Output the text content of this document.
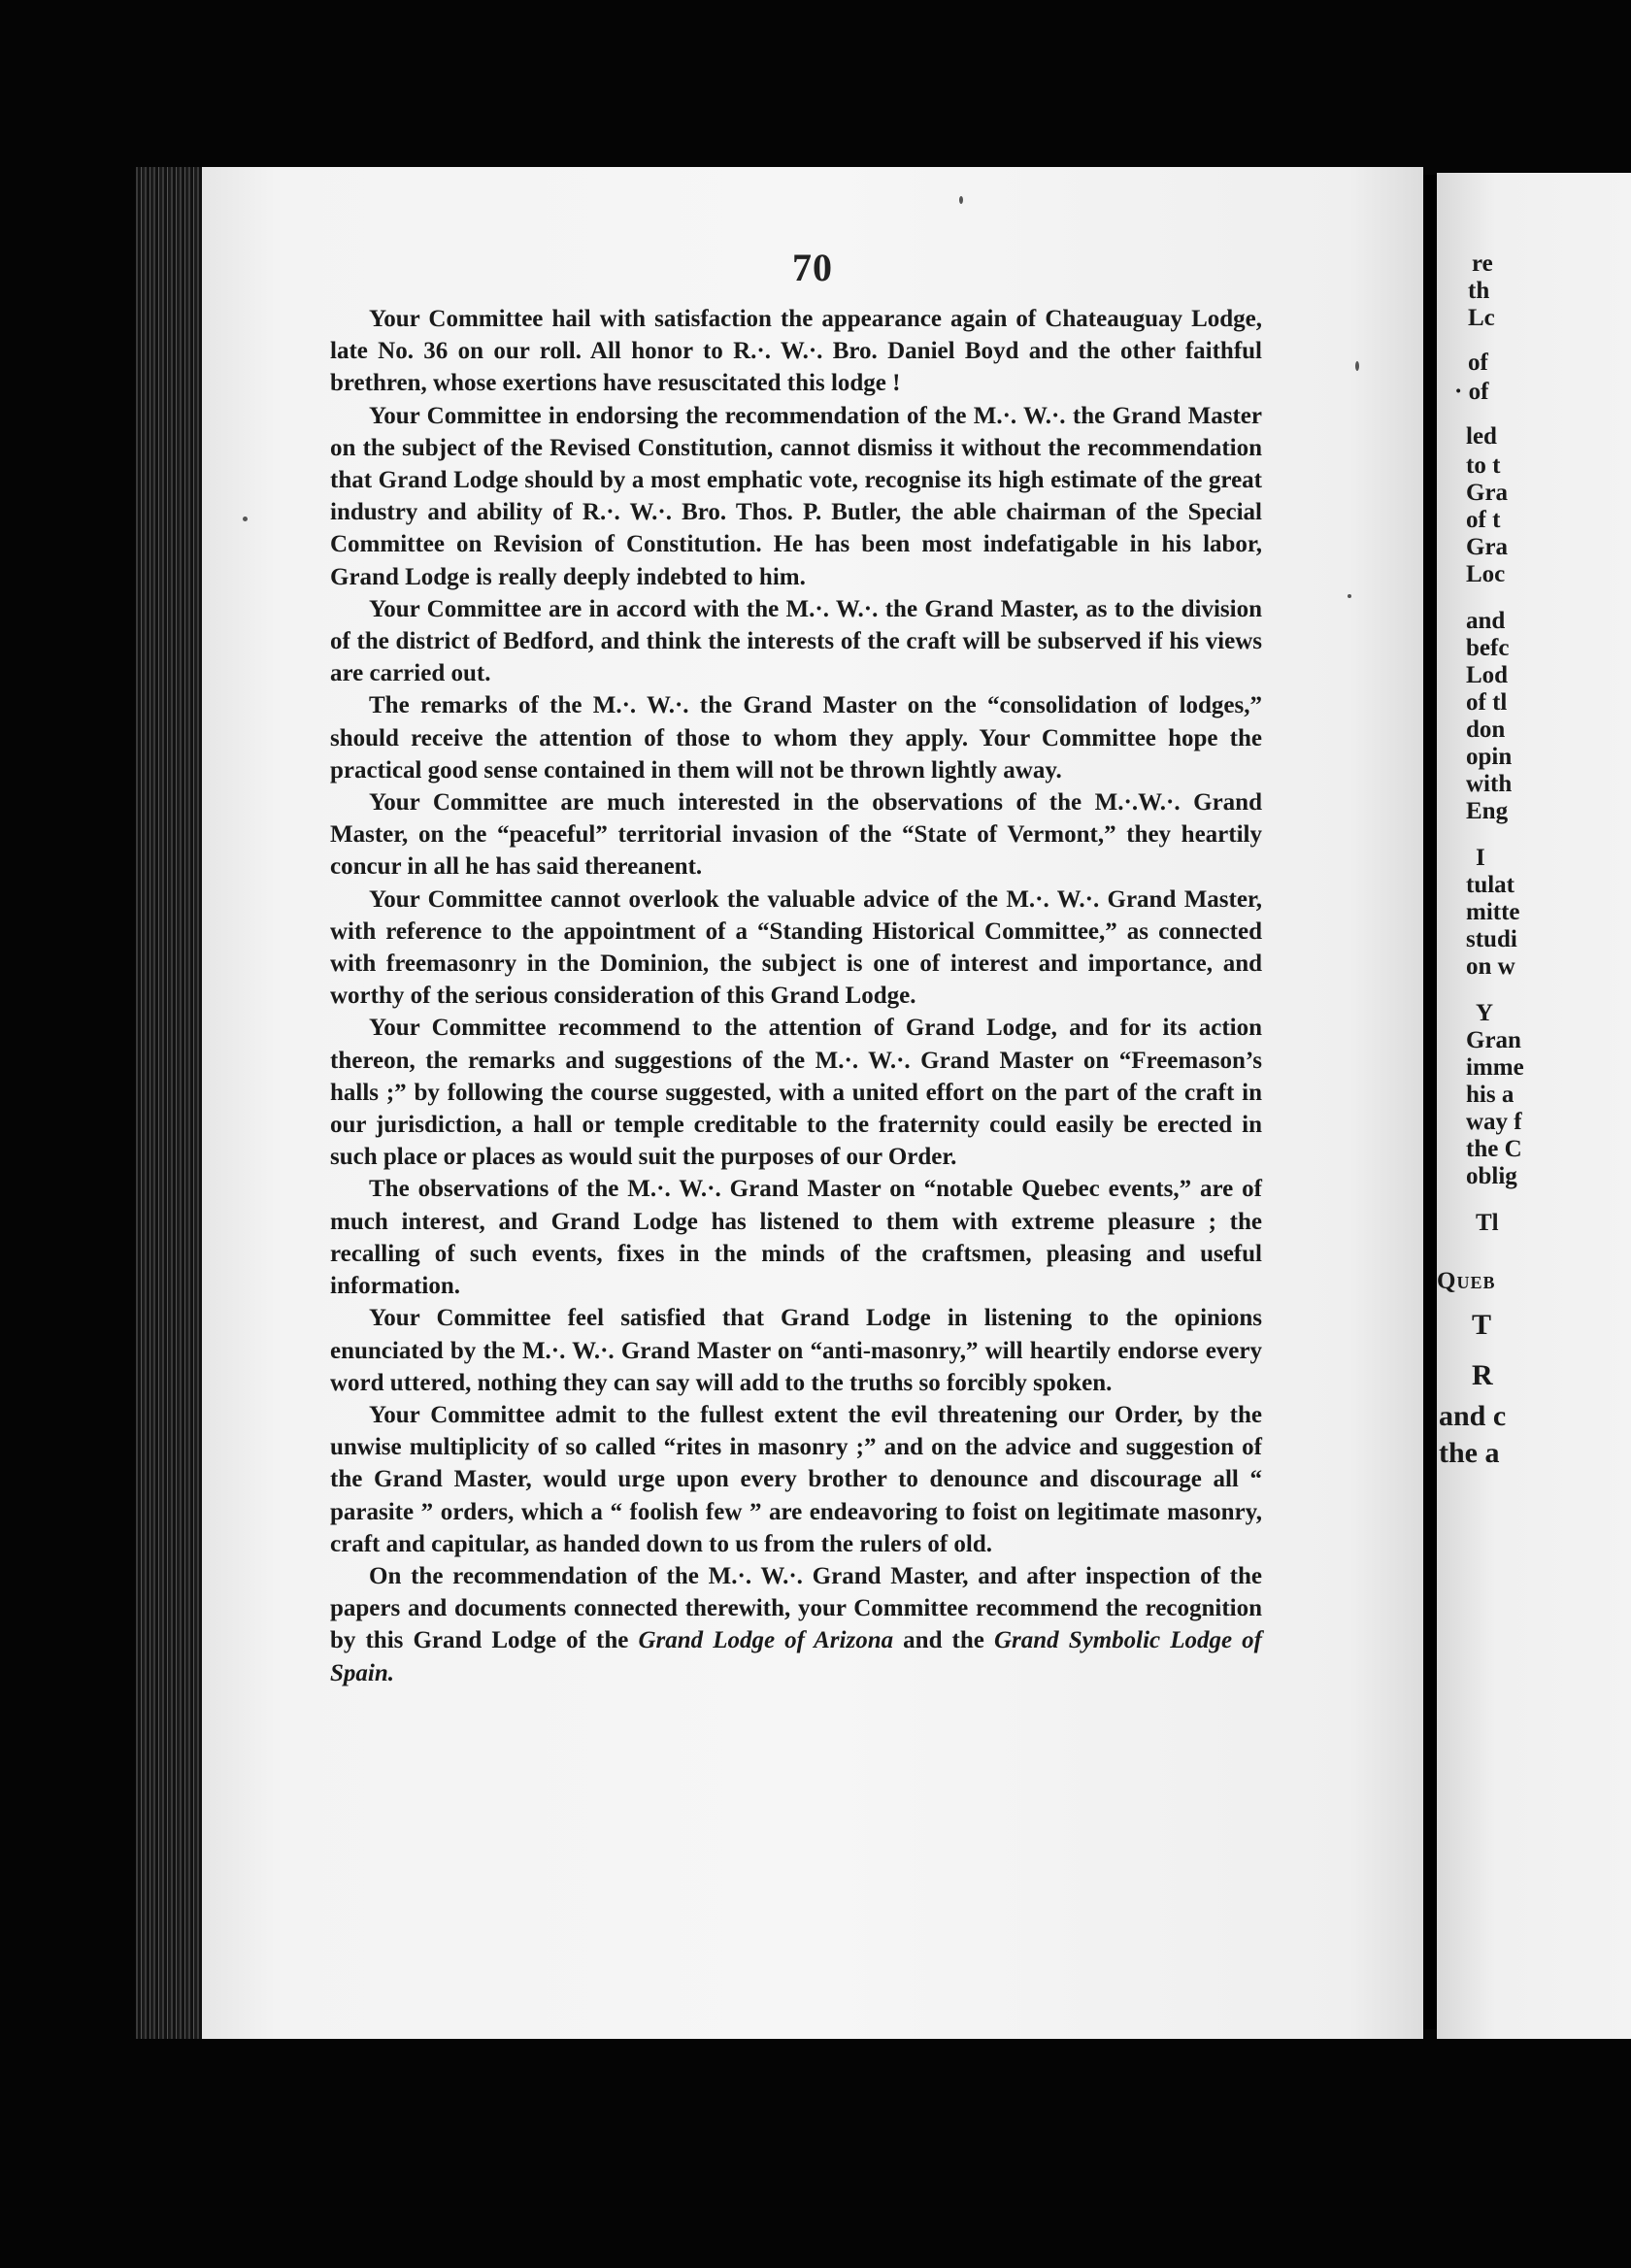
70

Your Committee hail with satisfaction the appearance again of Chateauguay Lodge, late No. 36 on our roll. All honor to R.·. W.·. Bro. Daniel Boyd and the other faithful brethren, whose exertions have resuscitated this lodge !

Your Committee in endorsing the recommendation of the M.·. W.·. the Grand Master on the subject of the Revised Constitution, cannot dismiss it without the recommendation that Grand Lodge should by a most emphatic vote, recognise its high estimate of the great industry and ability of R.·. W.·. Bro. Thos. P. Butler, the able chairman of the Special Committee on Revision of Constitution. He has been most indefatigable in his labor, Grand Lodge is really deeply indebted to him.

Your Committee are in accord with the M.·. W.·. the Grand Master, as to the division of the district of Bedford, and think the interests of the craft will be subserved if his views are carried out.

The remarks of the M.·. W.·. the Grand Master on the “consolidation of lodges,” should receive the attention of those to whom they apply. Your Committee hope the practical good sense contained in them will not be thrown lightly away.

Your Committee are much interested in the observations of the M.·.W.·. Grand Master, on the “peaceful” territorial invasion of the “State of Vermont,” they heartily concur in all he has said thereanent.

Your Committee cannot overlook the valuable advice of the M.·. W.·. Grand Master, with reference to the appointment of a “Standing Historical Committee,” as connected with freemasonry in the Dominion, the subject is one of interest and importance, and worthy of the serious consideration of this Grand Lodge.

Your Committee recommend to the attention of Grand Lodge, and for its action thereon, the remarks and suggestions of the M.·. W.·. Grand Master on “Freemason’s halls ;” by following the course suggested, with a united effort on the part of the craft in our jurisdiction, a hall or temple creditable to the fraternity could easily be erected in such place or places as would suit the purposes of our Order.

The observations of the M.·. W.·. Grand Master on “notable Quebec events,” are of much interest, and Grand Lodge has listened to them with extreme pleasure ; the recalling of such events, fixes in the minds of the craftsmen, pleasing and useful information.

Your Committee feel satisfied that Grand Lodge in listening to the opinions enunciated by the M.·. W.·. Grand Master on “anti-masonry,” will heartily endorse every word uttered, nothing they can say will add to the truths so forcibly spoken.

Your Committee admit to the fullest extent the evil threatening our Order, by the unwise multiplicity of so called “rites in masonry ;” and on the advice and suggestion of the Grand Master, would urge upon every brother to denounce and discourage all “ parasite ” orders, which a “ foolish few ” are endeavoring to foist on legitimate masonry, craft and capitular, as handed down to us from the rulers of old.

On the recommendation of the M.·. W.·. Grand Master, and after inspection of the papers and documents connected therewith, your Committee recommend the recognition by this Grand Lodge of the Grand Lodge of Arizona and the Grand Symbolic Lodge of Spain.

re
th
Lc
of
· of
led
to t
Gra
of t
Gra
Loc
and
befc
Lod
of tl
don
opin
with
Eng
I
tulat
mitte
studi
on w
Y
Gran
imme
his a
way f
the C
oblig
Tl
Queb
T
R
and c
the a
